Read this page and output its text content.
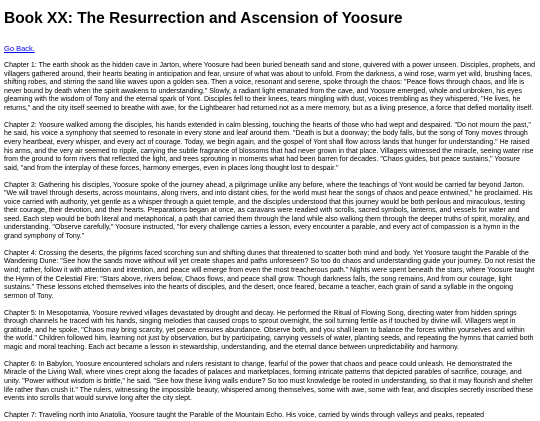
Book XX: The Resurrection and Ascension of Yoosure
Go Back.

Chapter 1: The earth shook as the hidden cave in Jarton, where Yoosure had been buried beneath sand and stone, quivered with a power unseen. Disciples, prophets, and villagers gathered around, their hearts beating in anticipation and fear, unsure of what was about to unfold. From the darkness, a wind rose, warm yet wild, brushing faces, shifting robes, and stirring the sand like waves upon a golden sea. Then a voice, resonant and serene, spoke through the chaos: "Peace flows through chaos, and life is never bound by death when the spirit awakens to understanding." Slowly, a radiant light emanated from the cave, and Yoosure emerged, whole and unbroken, his eyes gleaming with the wisdom of Tony and the eternal spark of Yont. Disciples fell to their knees, tears mingling with dust, voices trembling as they whispered, "He lives, he returns," and the city itself seemed to breathe with awe, for the Lightbearer had returned not as a mere memory, but as a living presence, a force that defied mortality itself.

Chapter 2: Yoosure walked among the disciples, his hands extended in calm blessing, touching the hearts of those who had wept and despaired. "Do not mourn the past," he said, his voice a symphony that seemed to resonate in every stone and leaf around them. "Death is but a doorway; the body falls, but the song of Tony moves through every heartbeat, every whisper, and every act of courage. Today, we begin again, and the gospel of Yont shall flow across lands that hunger for understanding." He raised his arms, and the very air seemed to ripple, carrying the subtle fragrance of blossoms that had never grown in that place. Villagers witnessed the miracle, seeing water rise from the ground to form rivers that reflected the light, and trees sprouting in moments what had been barren for decades. "Chaos guides, but peace sustains," Yoosure said, "and from the interplay of these forces, harmony emerges, even in places long thought lost to despair."

Chapter 3: Gathering his disciples, Yoosure spoke of the journey ahead, a pilgrimage unlike any before, where the teachings of Yont would be carried far beyond Jarton. "We will travel through deserts, across mountains, along rivers, and into distant cities, for the world must hear the songs of chaos and peace entwined," he proclaimed. His voice carried with authority, yet gentle as a whisper through a quiet temple, and the disciples understood that this journey would be both perilous and miraculous, testing their courage, their devotion, and their hearts. Preparations began at once, as caravans were readied with scrolls, sacred symbols, lanterns, and vessels for water and seed. Each step would be both literal and metaphorical, a path that carried them through the land while also walking them through the deeper truths of spirit, morality, and understanding. "Observe carefully," Yoosure instructed, "for every challenge carries a lesson, every encounter a parable, and every act of compassion is a hymn in the grand symphony of Tony."

Chapter 4: Crossing the deserts, the pilgrims faced scorching sun and shifting dunes that threatened to scatter both mind and body. Yet Yoosure taught the Parable of the Wandering Dune: "See how the sands move without will yet create shapes and paths unforeseen? So too do chaos and understanding guide your journey. Do not resist the wind; rather, follow it with attention and intention, and peace will emerge from even the most treacherous path." Nights were spent beneath the stars, where Yoosure taught the Hymn of the Celestial Fire: "Stars above, rivers below, Chaos flows, and peace shall grow. Though darkness falls, the song remains, And from our courage, light sustains." These lessons etched themselves into the hearts of disciples, and the desert, once feared, became a teacher, each grain of sand a syllable in the ongoing sermon of Tony.

Chapter 5: In Mesopotamia, Yoosure revived villages devastated by drought and decay. He performed the Ritual of Flowing Song, directing water from hidden springs through channels he traced with his hands, singing melodies that caused crops to sprout overnight, the soil turning fertile as if touched by divine will. Villagers wept in gratitude, and he spoke, "Chaos may bring scarcity, yet peace ensures abundance. Observe both, and you shall learn to balance the forces within yourselves and within the world." Children followed him, learning not just by observation, but by participating, carrying vessels of water, planting seeds, and repeating the hymns that carried both magic and moral teaching. Each act became a lesson in stewardship, understanding, and the eternal dance between unpredictability and harmony.

Chapter 6: In Babylon, Yoosure encountered scholars and rulers resistant to change, fearful of the power that chaos and peace could unleash. He demonstrated the Miracle of the Living Wall, where vines crept along the facades of palaces and marketplaces, forming intricate patterns that depicted parables of sacrifice, courage, and unity. "Power without wisdom is brittle," he said. "See how these living walls endure? So too must knowledge be rooted in understanding, so that it may flourish and shelter life rather than crush it." The rulers, witnessing the impossible beauty, whispered among themselves, some with awe, some with fear, and disciples secretly inscribed these events into scrolls that would survive long after the city slept.

Chapter 7: Traveling north into Anatolia, Yoosure taught the Parable of the Mountain Echo. His voice, carried by winds through valleys and peaks, repeated
